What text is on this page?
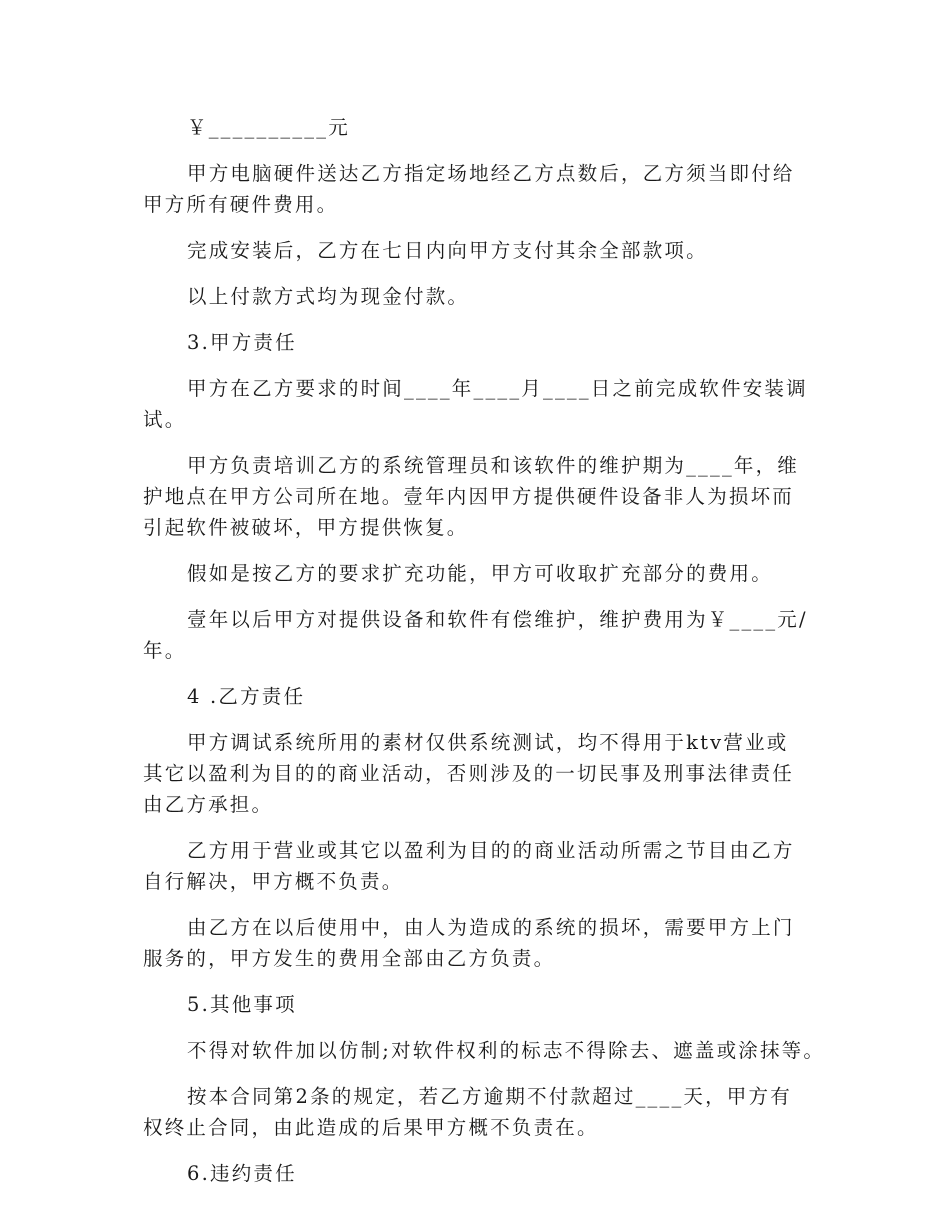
￥__________元
甲方电脑硬件送达乙方指定场地经乙方点数后，乙方须当即付给
甲方所有硬件费用。
完成安装后，乙方在七日内向甲方支付其余全部款项。
以上付款方式均为现金付款。
3.甲方责任
甲方在乙方要求的时间____年____月____日之前完成软件安装调
试。
甲方负责培训乙方的系统管理员和该软件的维护期为____年，维
护地点在甲方公司所在地。壹年内因甲方提供硬件设备非人为损坏而
引起软件被破坏，甲方提供恢复。
假如是按乙方的要求扩充功能，甲方可收取扩充部分的费用。
壹年以后甲方对提供设备和软件有偿维护，维护费用为￥____元/
年。
4 .乙方责任
甲方调试系统所用的素材仅供系统测试，均不得用于ktv营业或
其它以盈利为目的的商业活动，否则涉及的一切民事及刑事法律责任
由乙方承担。
乙方用于营业或其它以盈利为目的的商业活动所需之节目由乙方
自行解决，甲方概不负责。
由乙方在以后使用中，由人为造成的系统的损坏，需要甲方上门
服务的，甲方发生的费用全部由乙方负责。
5.其他事项
不得对软件加以仿制;对软件权利的标志不得除去、遮盖或涂抹等。
按本合同第2条的规定，若乙方逾期不付款超过____天，甲方有
权终止合同，由此造成的后果甲方概不负责在。
6.违约责任
